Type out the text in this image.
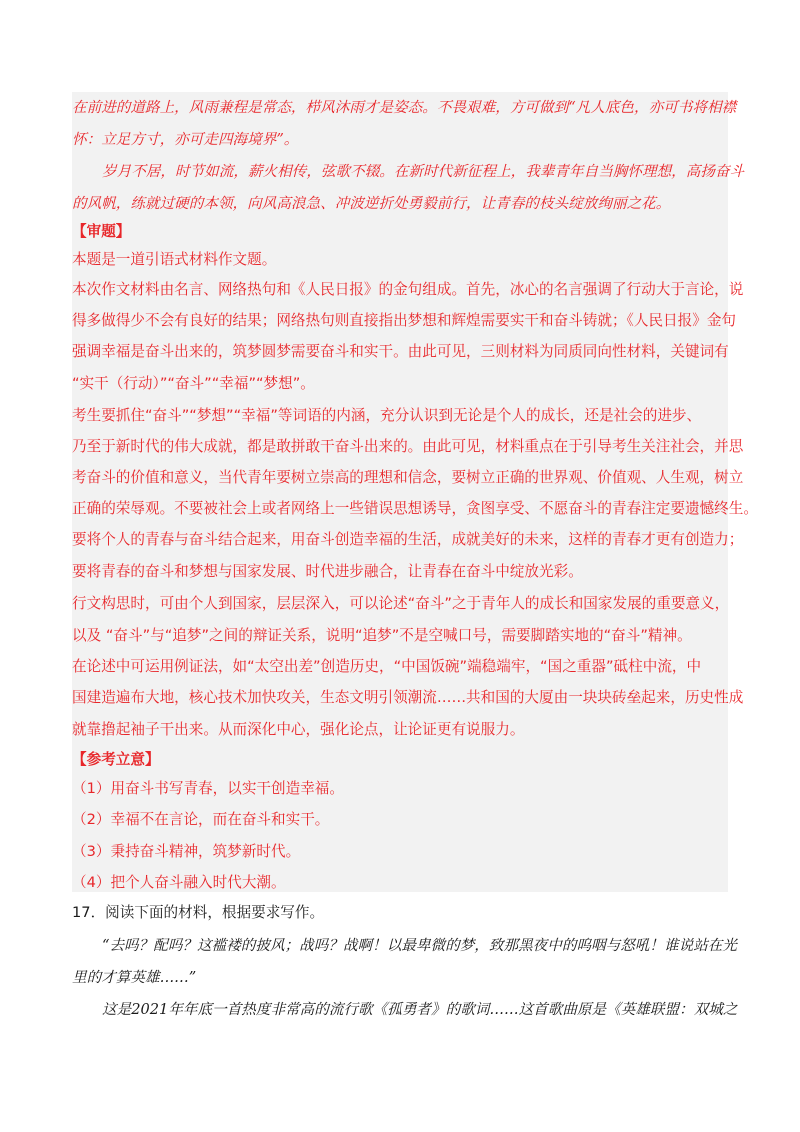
在前进的道路上，风雨兼程是常态，栉风沐雨才是姿态。不畏艰难，方可做到“凡人底色，亦可书将相襟
怀：立足方寸，亦可走四海境界”。
岁月不居，时节如流，薪火相传，弦歌不辍。在新时代新征程上，我辈青年自当胸怀理想，高扬奋斗
的风帆，练就过硬的本领，向风高浪急、冲波逆折处勇毅前行，让青春的枝头绽放绚丽之花。
【审题】
本题是一道引语式材料作文题。
本次作文材料由名言、网络热句和《人民日报》的金句组成。首先，冰心的名言强调了行动大于言论，说
得多做得少不会有良好的结果；网络热句则直接指出梦想和辉煌需要实干和奋斗铸就；《人民日报》金句
强调幸福是奋斗出来的，筑梦圆梦需要奋斗和实干。由此可见，三则材料为同质同向性材料，关键词有
“实干（行动）”“奋斗”“幸福”“梦想”。
考生要抓住“奋斗”“梦想”“幸福”等词语的内涵，充分认识到无论是个人的成长，还是社会的进步、
乃至于新时代的伟大成就，都是敢拼敢干奋斗出来的。由此可见，材料重点在于引导考生关注社会，并思
考奋斗的价值和意义，当代青年要树立崇高的理想和信念，要树立正确的世界观、价值观、人生观，树立
正确的荣辱观。不要被社会上或者网络上一些错误思想诱导，贪图享受、不愿奋斗的青春注定要遗憾终生。
要将个人的青春与奋斗结合起来，用奋斗创造幸福的生活，成就美好的未来，这样的青春才更有创造力；
要将青春的奋斗和梦想与国家发展、时代进步融合，让青春在奋斗中绽放光彩。
行文构思时，可由个人到国家，层层深入，可以论述“奋斗”之于青年人的成长和国家发展的重要意义，
以及 “奋斗”与“追梦”之间的辩证关系，说明“追梦”不是空喊口号，需要脚踏实地的“奋斗”精神。
在论述中可运用例证法，如“太空出差”创造历史，“中国饭碗”端稳端牢，“国之重器”砥柱中流，中
国建造遍布大地，核心技术加快攻关，生态文明引领潮流……共和国的大厦由一块块砖垒起来，历史性成
就靠撸起袖子干出来。从而深化中心，强化论点，让论证更有说服力。
【参考立意】
（1）用奋斗书写青春，以实干创造幸福。
（2）幸福不在言论，而在奋斗和实干。
（3）秉持奋斗精神，筑梦新时代。
（4）把个人奋斗融入时代大潮。
17．阅读下面的材料，根据要求写作。
“去吗？配吗？这褴褛的披风；战吗？战啊！以最卑微的梦，致那黑夜中的呜咽与怒吼！谁说站在光
里的才算英雄……”
这是2021年年底一首热度非常高的流行歌《孤勇者》的歌词……这首歌曲原是《英雄联盟：双城之
